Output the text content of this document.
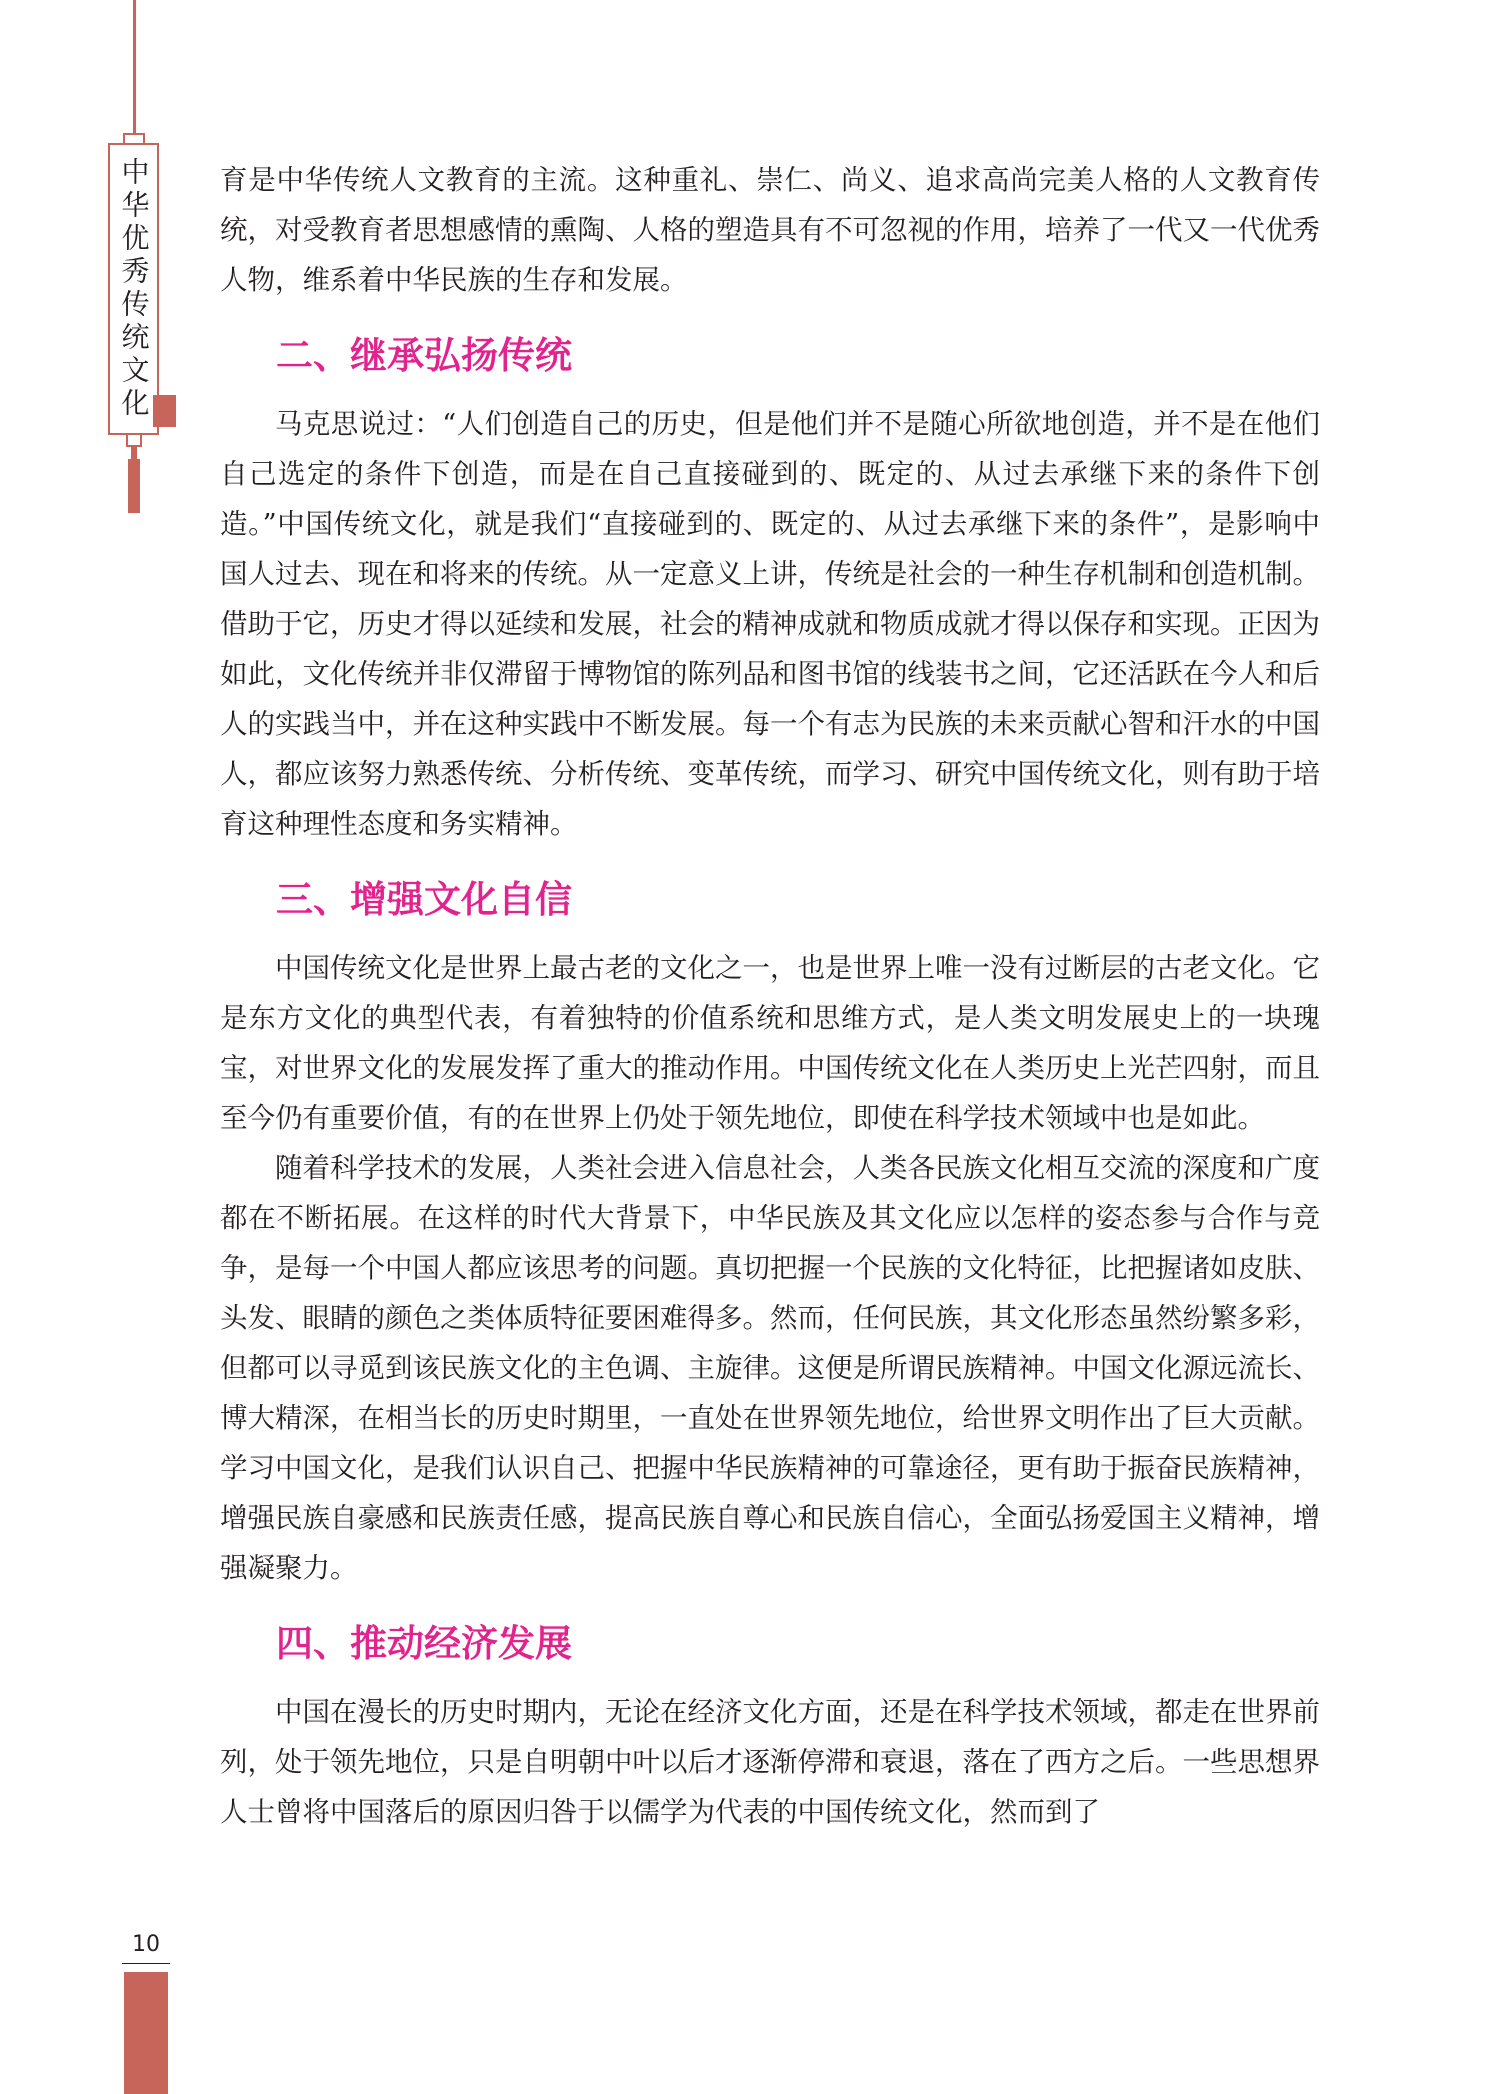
中华优秀传统文化	育是中华传统人文教育的主流。这种重礼、崇仁、尚义、追求高尚完美人格的人文教育传统，对受教育者思想感情的熏陶、人格的塑造具有不可忽视的作用，培养了一代又一代优秀人物，维系着中华民族的生存和发展。

二、继承弘扬传统

马克思说过：“人们创造自己的历史，但是他们并不是随心所欲地创造，并不是在他们自己选定的条件下创造，而是在自己直接碰到的、既定的、从过去承继下来的条件下创造。”中国传统文化，就是我们“直接碰到的、既定的、从过去承继下来的条件”，是影响中国人过去、现在和将来的传统。从一定意义上讲，传统是社会的一种生存机制和创造机制。借助于它，历史才得以延续和发展，社会的精神成就和物质成就才得以保存和实现。正因为如此，文化传统并非仅滞留于博物馆的陈列品和图书馆的线装书之间，它还活跃在今人和后人的实践当中，并在这种实践中不断发展。每一个有志为民族的未来贡献心智和汗水的中国人，都应该努力熟悉传统、分析传统、变革传统，而学习、研究中国传统文化，则有助于培育这种理性态度和务实精神。

三、增强文化自信

中国传统文化是世界上最古老的文化之一，也是世界上唯一没有过断层的古老文化。它是东方文化的典型代表，有着独特的价值系统和思维方式，是人类文明发展史上的一块瑰宝，对世界文化的发展发挥了重大的推动作用。中国传统文化在人类历史上光芒四射，而且至今仍有重要价值，有的在世界上仍处于领先地位，即使在科学技术领域中也是如此。

随着科学技术的发展，人类社会进入信息社会，人类各民族文化相互交流的深度和广度都在不断拓展。在这样的时代大背景下，中华民族及其文化应以怎样的姿态参与合作与竞争，是每一个中国人都应该思考的问题。真切把握一个民族的文化特征，比把握诸如皮肤、头发、眼睛的颜色之类体质特征要困难得多。然而，任何民族，其文化形态虽然纷繁多彩，但都可以寻觅到该民族文化的主色调、主旋律。这便是所谓民族精神。中国文化源远流长、博大精深，在相当长的历史时期里，一直处在世界领先地位，给世界文明作出了巨大贡献。学习中国文化，是我们认识自己、把握中华民族精神的可靠途径，更有助于振奋民族精神，增强民族自豪感和民族责任感，提高民族自尊心和民族自信心，全面弘扬爱国主义精神，增强凝聚力。

四、推动经济发展

中国在漫长的历史时期内，无论在经济文化方面，还是在科学技术领域，都走在世界前列，处于领先地位，只是自明朝中叶以后才逐渐停滞和衰退，落在了西方之后。一些思想界人士曾将中国落后的原因归咎于以儒学为代表的中国传统文化，然而到了

10
